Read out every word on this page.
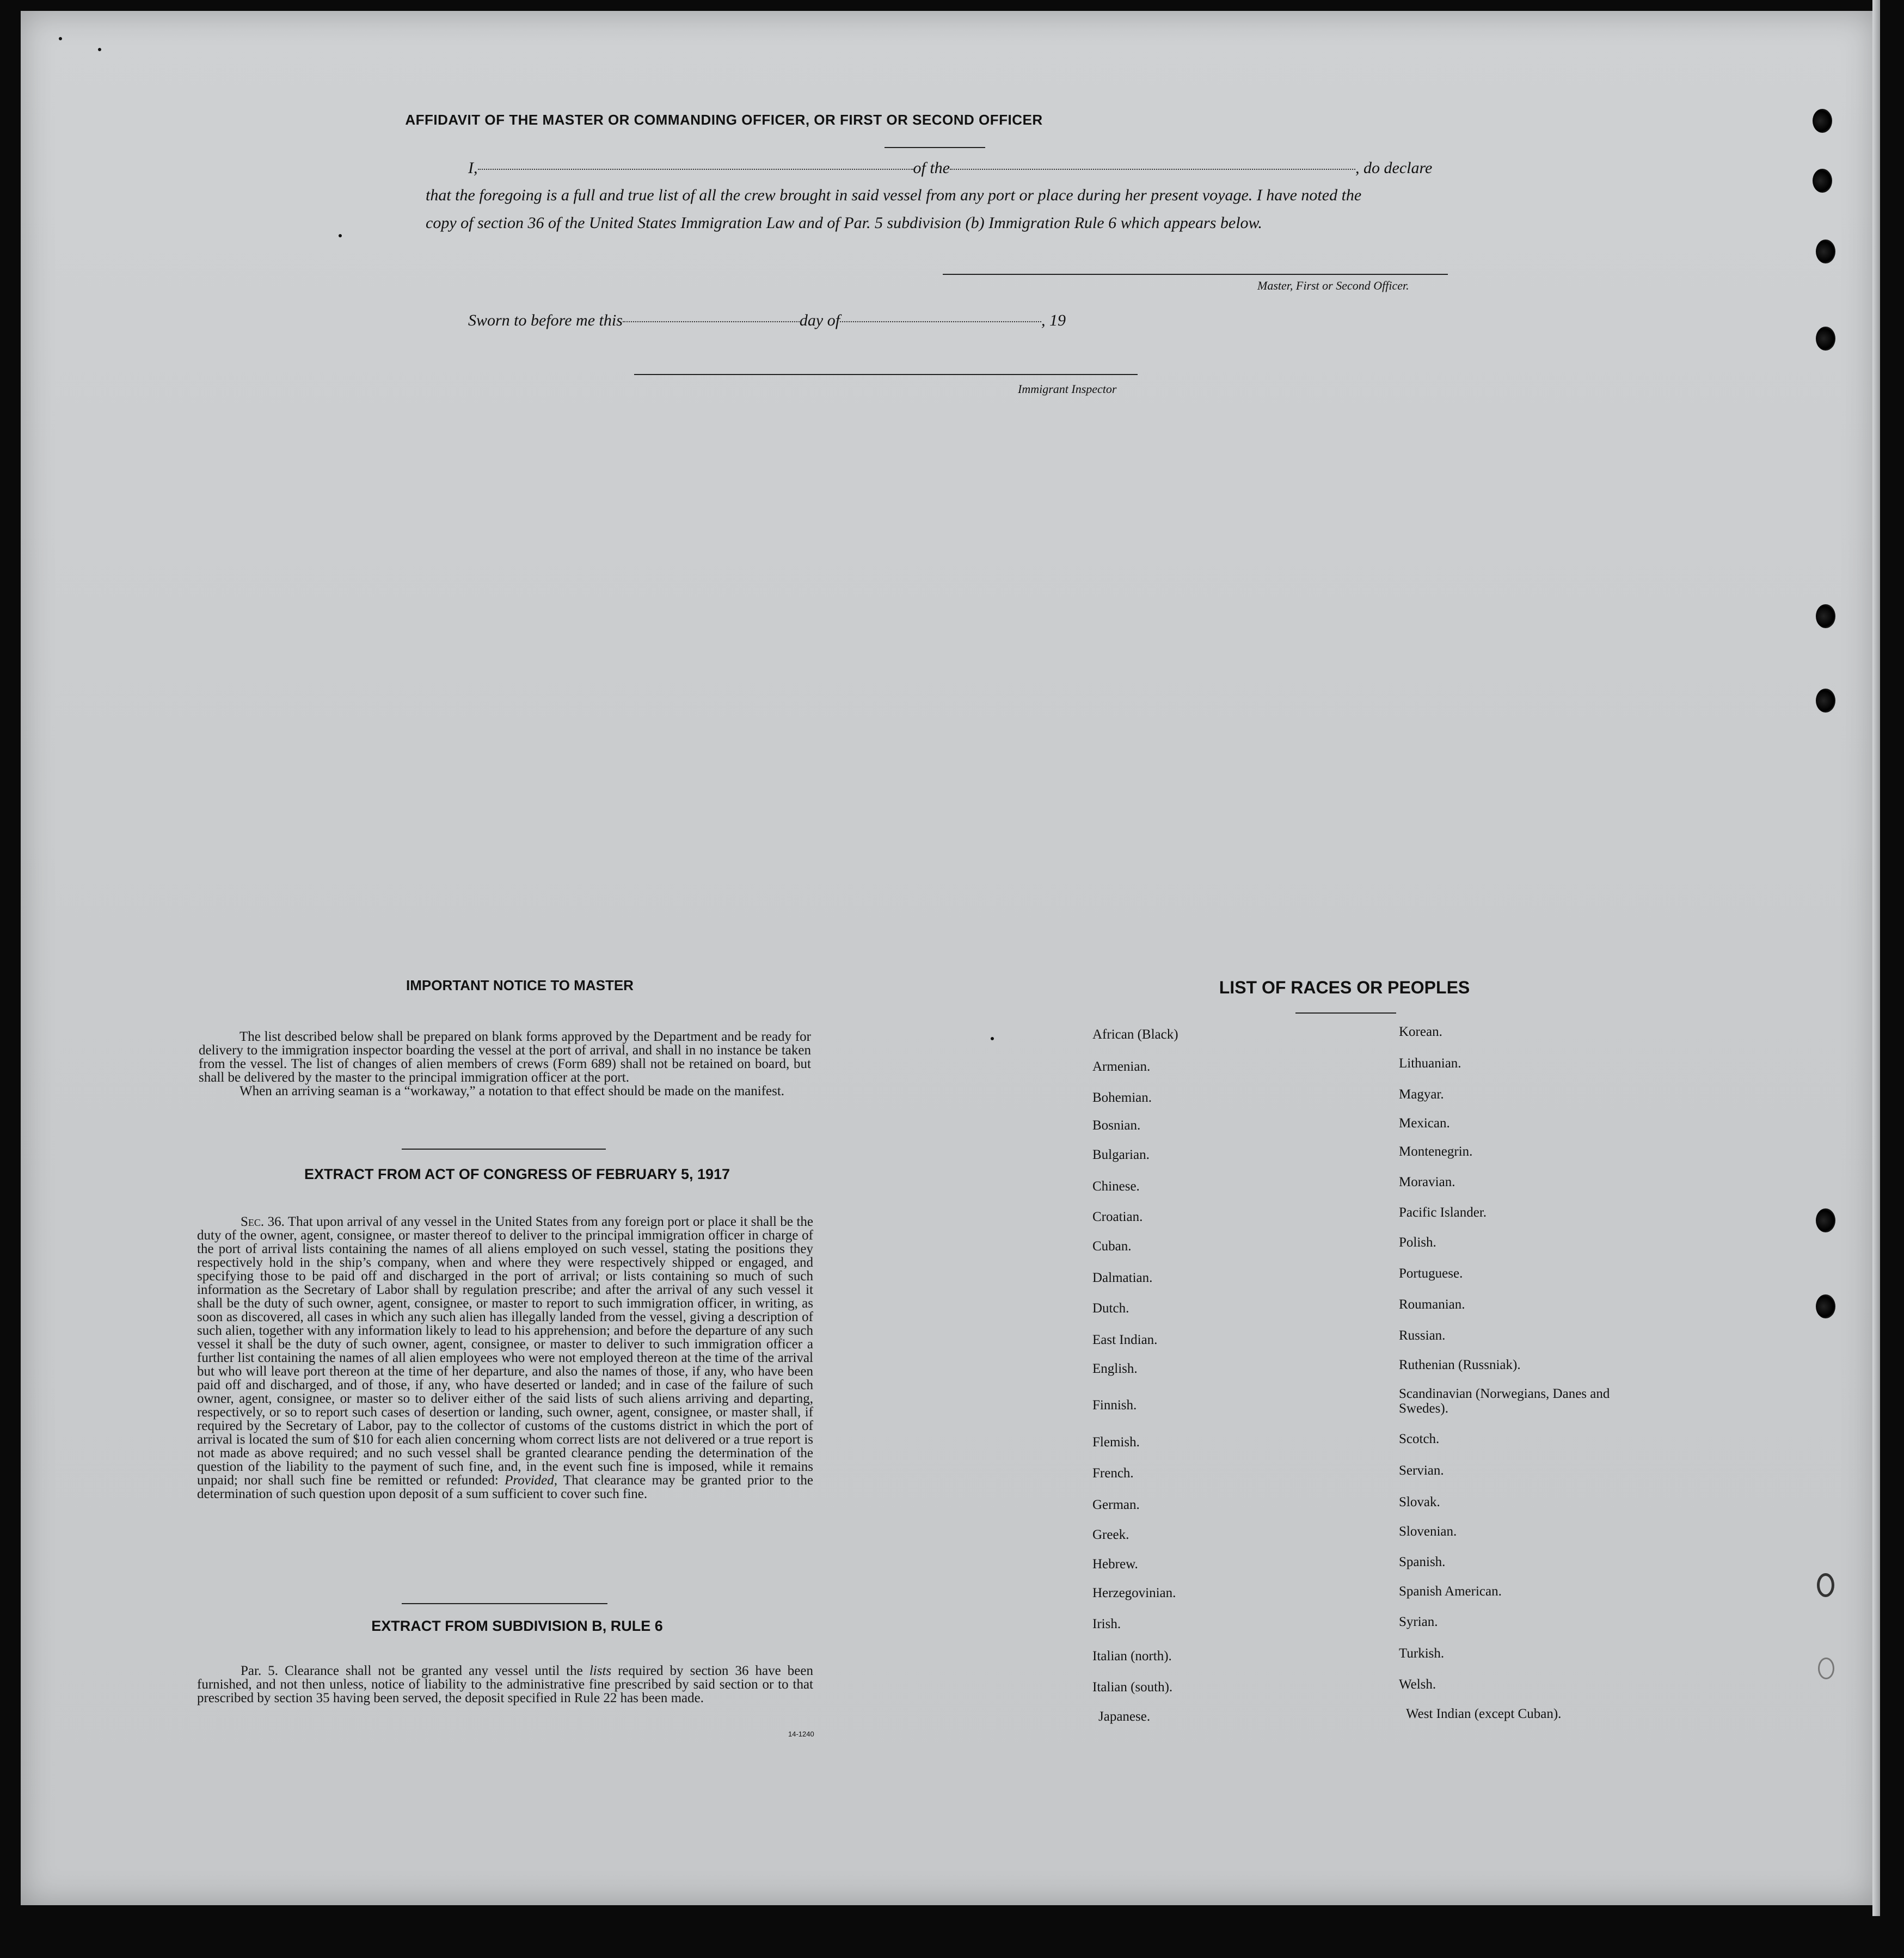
AFFIDAVIT OF THE MASTER OR COMMANDING OFFICER, OR FIRST OR SECOND OFFICER
I,	of the	, do declare
that the foregoing is a full and true list of all the crew brought in said vessel from any port or place during her present voyage. I have noted the
copy of section 36 of the United States Immigration Law and of Par. 5 subdivision (b) Immigration Rule 6 which appears below.
Master, First or Second Officer.
Sworn to before me this	day of	, 19
Immigrant Inspector
IMPORTANT NOTICE TO MASTER
The list described below shall be prepared on blank forms approved by the Department and be ready for delivery to the immigration inspector boarding the vessel at the port of arrival, and shall in no instance be taken from the vessel. The list of changes of alien members of crews (Form 689) shall not be retained on board, but shall be delivered by the master to the principal immigration officer at the port.
When an arriving seaman is a “workaway,” a notation to that effect should be made on the manifest.
EXTRACT FROM ACT OF CONGRESS OF FEBRUARY 5, 1917
Sec. 36. That upon arrival of any vessel in the United States from any foreign port or place it shall be the duty of the owner, agent, consignee, or master thereof to deliver to the principal immigration officer in charge of the port of arrival lists containing the names of all aliens employed on such vessel, stating the positions they respectively hold in the ship’s company, when and where they were respectively shipped or engaged, and specifying those to be paid off and discharged in the port of arrival; or lists containing so much of such information as the Secretary of Labor shall by regulation prescribe; and after the arrival of any such vessel it shall be the duty of such owner, agent, consignee, or master to report to such immigration officer, in writing, as soon as discovered, all cases in which any such alien has illegally landed from the vessel, giving a description of such alien, together with any information likely to lead to his apprehension; and before the departure of any such vessel it shall be the duty of such owner, agent, consignee, or master to deliver to such immigration officer a further list containing the names of all alien employees who were not employed thereon at the time of the arrival but who will leave port thereon at the time of her departure, and also the names of those, if any, who have been paid off and discharged, and of those, if any, who have deserted or landed; and in case of the failure of such owner, agent, consignee, or master so to deliver either of the said lists of such aliens arriving and departing, respectively, or so to report such cases of desertion or landing, such owner, agent, consignee, or master shall, if required by the Secretary of Labor, pay to the collector of customs of the customs district in which the port of arrival is located the sum of $10 for each alien concerning whom correct lists are not delivered or a true report is not made as above required; and no such vessel shall be granted clearance pending the determination of the question of the liability to the payment of such fine, and, in the event such fine is imposed, while it remains unpaid; nor shall such fine be remitted or refunded: Provided, That clearance may be granted prior to the determination of such question upon deposit of a sum sufficient to cover such fine.
EXTRACT FROM SUBDIVISION B, RULE 6
Par. 5. Clearance shall not be granted any vessel until the lists required by section 36 have been furnished, and not then unless, notice of liability to the administrative fine prescribed by said section or to that prescribed by section 35 having been served, the deposit specified in Rule 22 has been made.
14-1240
LIST OF RACES OR PEOPLES
African (Black)
Armenian.
Bohemian.
Bosnian.
Bulgarian.
Chinese.
Croatian.
Cuban.
Dalmatian.
Dutch.
East Indian.
English.
Finnish.
Flemish.
French.
German.
Greek.
Hebrew.
Herzegovinian.
Irish.
Italian (north).
Italian (south).
Japanese.
Korean.
Lithuanian.
Magyar.
Mexican.
Montenegrin.
Moravian.
Pacific Islander.
Polish.
Portuguese.
Roumanian.
Russian.
Ruthenian (Russniak).
Scandinavian (Norwegians, Danes and Swedes).
Scotch.
Servian.
Slovak.
Slovenian.
Spanish.
Spanish American.
Syrian.
Turkish.
Welsh.
West Indian (except Cuban).
